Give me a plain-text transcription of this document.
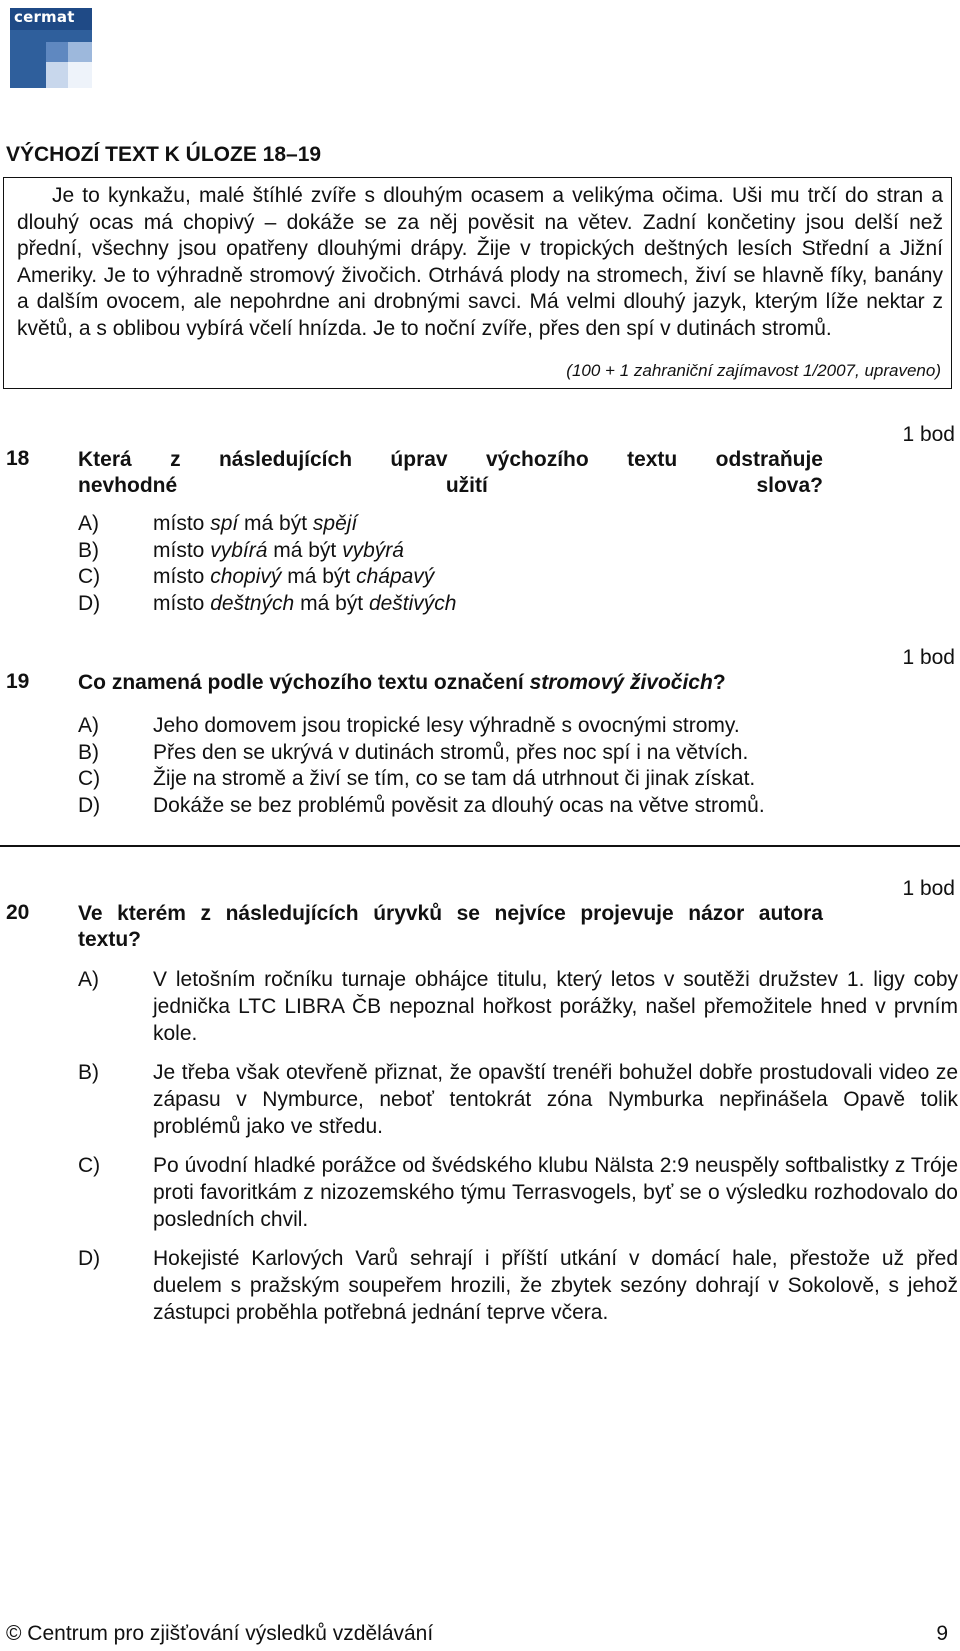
cermat
VÝCHOZÍ TEXT K ÚLOZE 18–19
Je to kynkažu, malé štíhlé zvíře s dlouhým ocasem a velikýma očima. Uši mu trčí do stran a dlouhý ocas má chopivý – dokáže se za něj pověsit na větev. Zadní končetiny jsou delší než přední, všechny jsou opatřeny dlouhými drápy. Žije v tropických deštných lesích Střední a Jižní Ameriky. Je to výhradně stromový živočich. Otrhává plody na stromech, živí se hlavně fíky, banány a dalším ovocem, ale nepohrdne ani drobnými savci. Má velmi dlouhý jazyk, kterým líže nektar z květů, a s oblibou vybírá včelí hnízda. Je to noční zvíře, přes den spí v dutinách stromů.
(100 + 1 zahraniční zajímavost 1/2007, upraveno)
1 bod
18 Která z následujících úprav výchozího textu odstraňuje
nevhodné užití slova?
A)	místo spí má být spějí
B)	místo vybírá má být vybýrá
C)	místo chopivý má být chápavý
D)	místo deštných má být deštivých
1 bod
19 Co znamená podle výchozího textu označení stromový živočich?
A)	Jeho domovem jsou tropické lesy výhradně s ovocnými stromy.
B)	Přes den se ukrývá v dutinách stromů, přes noc spí i na větvích.
C)	Žije na stromě a živí se tím, co se tam dá utrhnout či jinak získat.
D)	Dokáže se bez problémů pověsit za dlouhý ocas na větve stromů.
1 bod
20 Ve kterém z následujících úryvků se nejvíce projevuje názor autora
textu?
A)	V letošním ročníku turnaje obhájce titulu, který letos v soutěži družstev 1. ligy coby jednička LTC LIBRA ČB nepoznal hořkost porážky, našel přemožitele hned v prvním kole.
B)	Je třeba však otevřeně přiznat, že opavští trenéři bohužel dobře prostudovali video ze zápasu v Nymburce, neboť tentokrát zóna Nymburka nepřinášela Opavě tolik problémů jako ve středu.
C)	Po úvodní hladké porážce od švédského klubu Nälsta 2:9 neuspěly softbalistky z Tróje proti favoritkám z nizozemského týmu Terrasvogels, byť se o výsledku rozhodovalo do posledních chvil.
D)	Hokejisté Karlových Varů sehrají i příští utkání v domácí hale, přestože už před duelem s pražským soupeřem hrozili, že zbytek sezóny dohrají v Sokolově, s jehož zástupci proběhla potřebná jednání teprve včera.
© Centrum pro zjišťování výsledků vzdělávání	9
